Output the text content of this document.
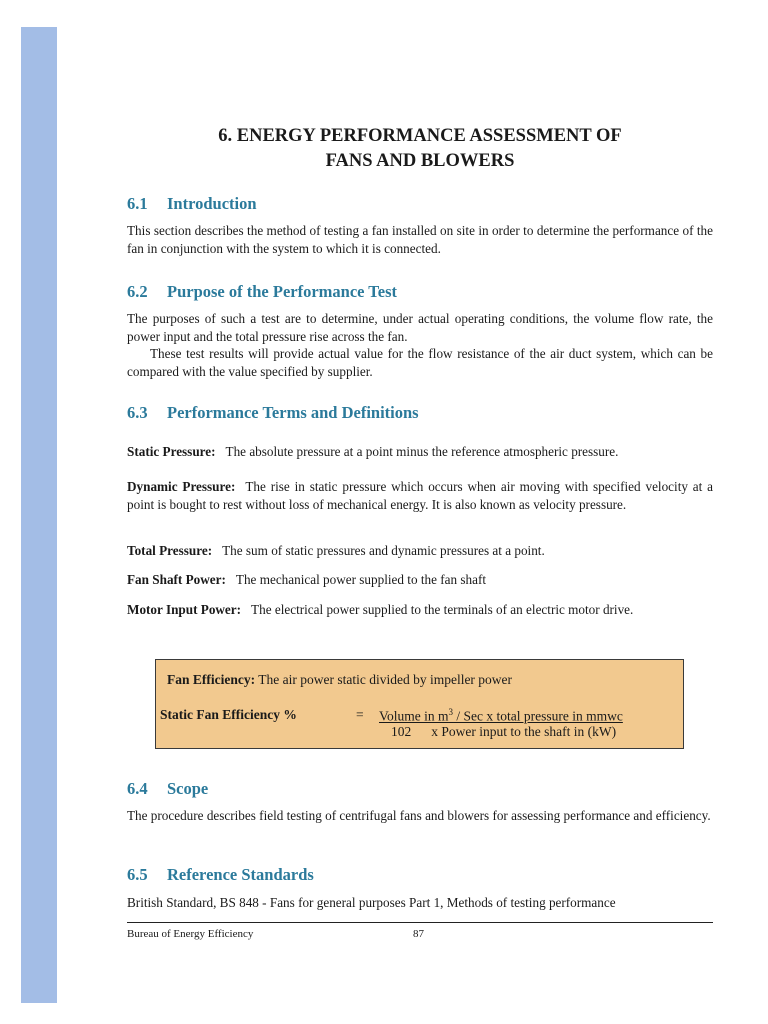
6. ENERGY PERFORMANCE ASSESSMENT OF
FANS AND BLOWERS
6.1 Introduction

This section describes the method of testing a fan installed on site in order to determine the performance of the fan in conjunction with the system to which it is connected.

6.2 Purpose of the Performance Test

The purposes of such a test are to determine, under actual operating conditions, the volume flow rate, the power input and the total pressure rise across the fan.

These test results will provide actual value for the flow resistance of the air duct system, which can be compared with the value specified by supplier.

6.3 Performance Terms and Definitions

Static Pressure: The absolute pressure at a point minus the reference atmospheric pressure.

Dynamic Pressure: The rise in static pressure which occurs when air moving with specified velocity at a point is bought to rest without loss of mechanical energy. It is also known as velocity pressure.

Total Pressure: The sum of static pressures and dynamic pressures at a point.

Fan Shaft Power: The mechanical power supplied to the fan shaft

Motor Input Power: The electrical power supplied to the terminals of an electric motor drive.

Fan Efficiency: The air power static divided by impeller power
Static Fan Efficiency %	= Volume in $m^3$ / Sec x total pressure in mmwc
102 x Power input to the shaft in (kW)
6.4 Scope

The procedure describes field testing of centrifugal fans and blowers for assessing performance and efficiency.

6.5 Reference Standards

British Standard, BS 848 - Fans for general purposes Part 1, Methods of testing performance

Bureau of Energy Efficiency	87
